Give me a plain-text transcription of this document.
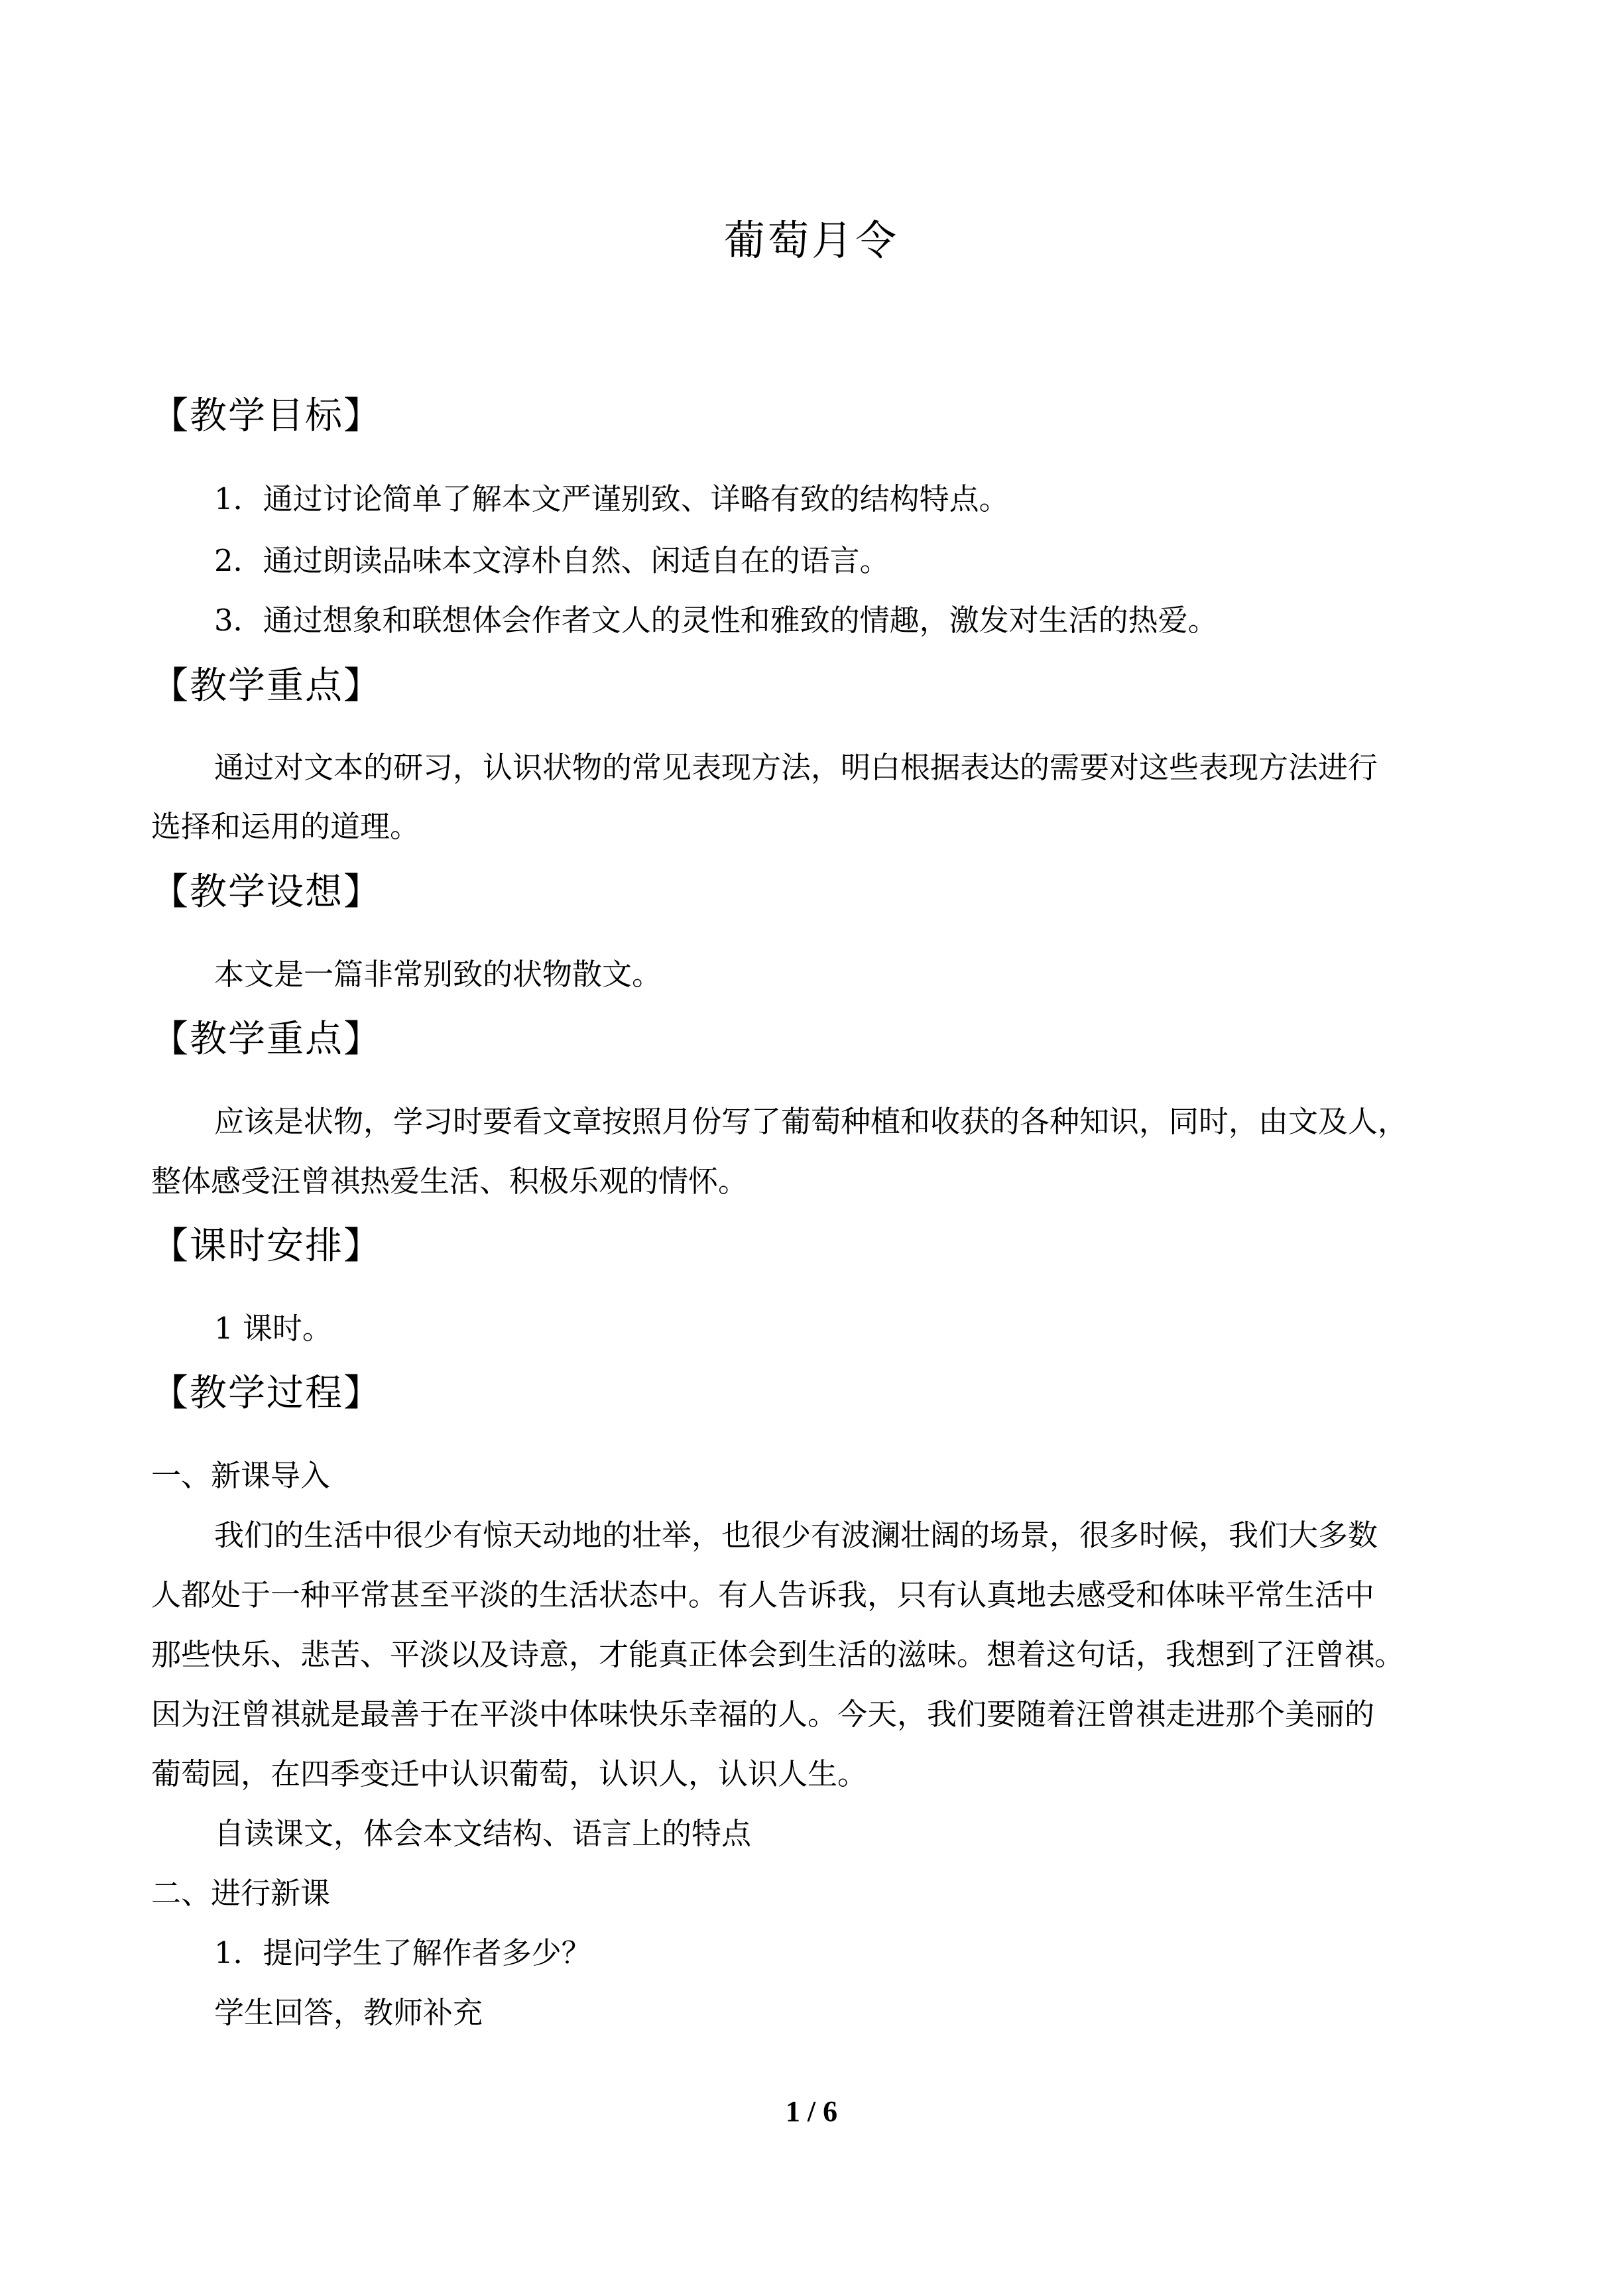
葡萄月令
【教学目标】
1．通过讨论简单了解本文严谨别致、详略有致的结构特点。
2．通过朗读品味本文淳朴自然、闲适自在的语言。
3．通过想象和联想体会作者文人的灵性和雅致的情趣，激发对生活的热爱。
【教学重点】
通过对文本的研习，认识状物的常见表现方法，明白根据表达的需要对这些表现方法进行
选择和运用的道理。
【教学设想】
本文是一篇非常别致的状物散文。
【教学重点】
应该是状物，学习时要看文章按照月份写了葡萄种植和收获的各种知识，同时，由文及人，
整体感受汪曾祺热爱生活、积极乐观的情怀。
【课时安排】
1 课时。
【教学过程】
一、新课导入
我们的生活中很少有惊天动地的壮举，也很少有波澜壮阔的场景，很多时候，我们大多数
人都处于一种平常甚至平淡的生活状态中。有人告诉我，只有认真地去感受和体味平常生活中
那些快乐、悲苦、平淡以及诗意，才能真正体会到生活的滋味。想着这句话，我想到了汪曾祺。
因为汪曾祺就是最善于在平淡中体味快乐幸福的人。今天，我们要随着汪曾祺走进那个美丽的
葡萄园，在四季变迁中认识葡萄，认识人，认识人生。
自读课文，体会本文结构、语言上的特点
二、进行新课
1．提问学生了解作者多少？
学生回答，教师补充
1 / 6
